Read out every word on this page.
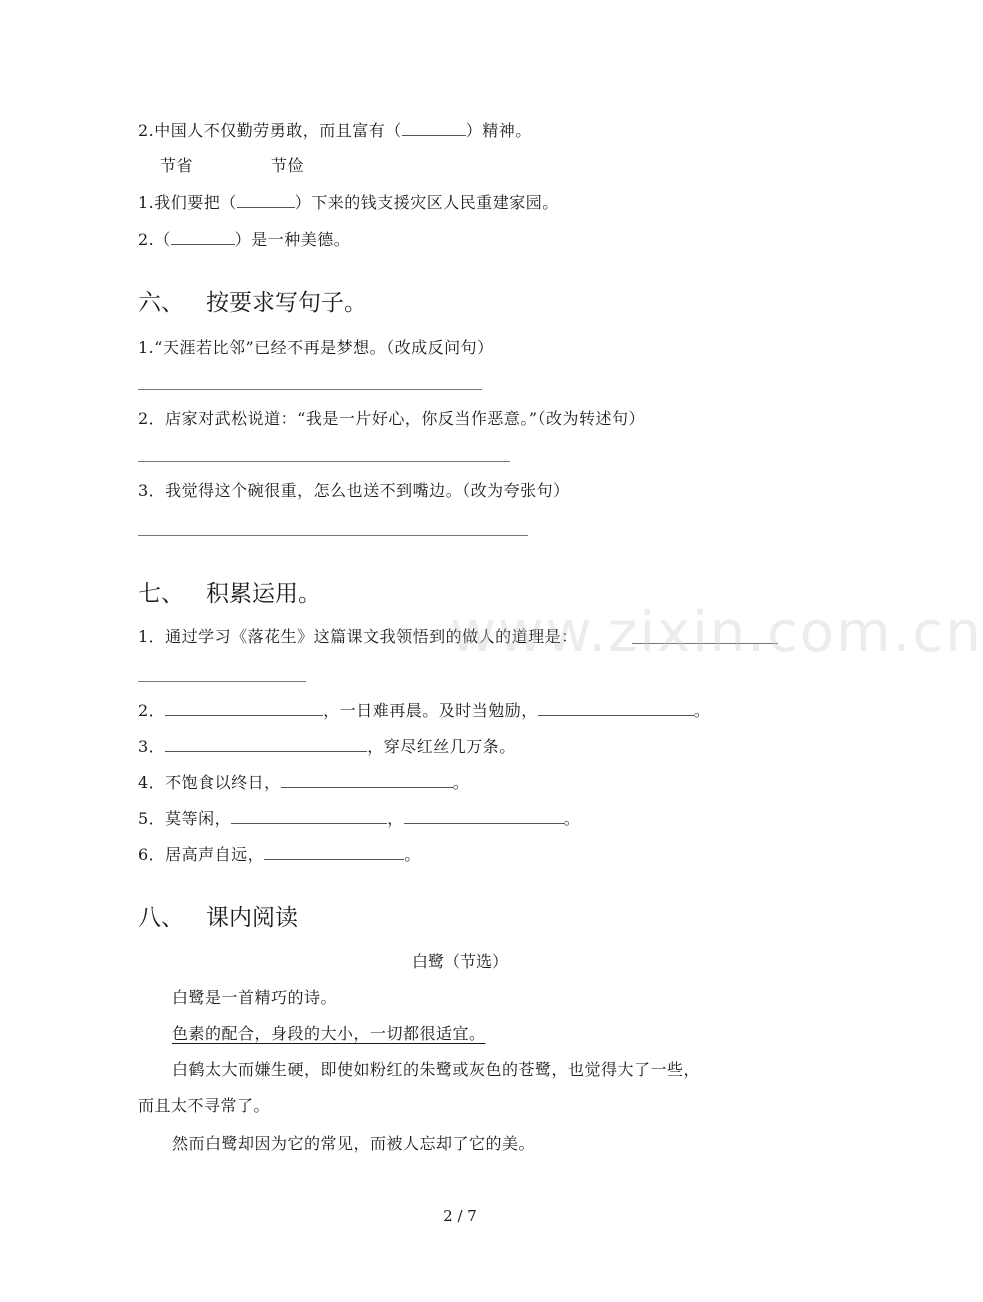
2.中国人不仅勤劳勇敢，而且富有（	）精神。
节省	节俭
1.我们要把（	）下来的钱支援灾区人民重建家园。
2.（	）是一种美德。
六、 按要求写句子。
1.“天涯若比邻”已经不再是梦想。（改成反问句）
2．店家对武松说道：“我是一片好心，你反当作恶意。”（改为转述句）
3．我觉得这个碗很重，怎么也送不到嘴边。（改为夸张句）
七、 积累运用。
1．通过学习《落花生》这篇课文我领悟到的做人的道理是：
2．	，一日难再晨。及时当勉励，	。
3．	，穿尽红丝几万条。
4．不饱食以终日，	。
5．莫等闲，	，	。
6．居高声自远，	。
八、 课内阅读
白鹭（节选）
白鹭是一首精巧的诗。
色素的配合，身段的大小，一切都很适宜。
白鹤太大而嫌生硬，即使如粉红的朱鹭或灰色的苍鹭，也觉得大了一些，
而且太不寻常了。
然而白鹭却因为它的常见，而被人忘却了它的美。
2 / 7
www.zixin.com.cn
